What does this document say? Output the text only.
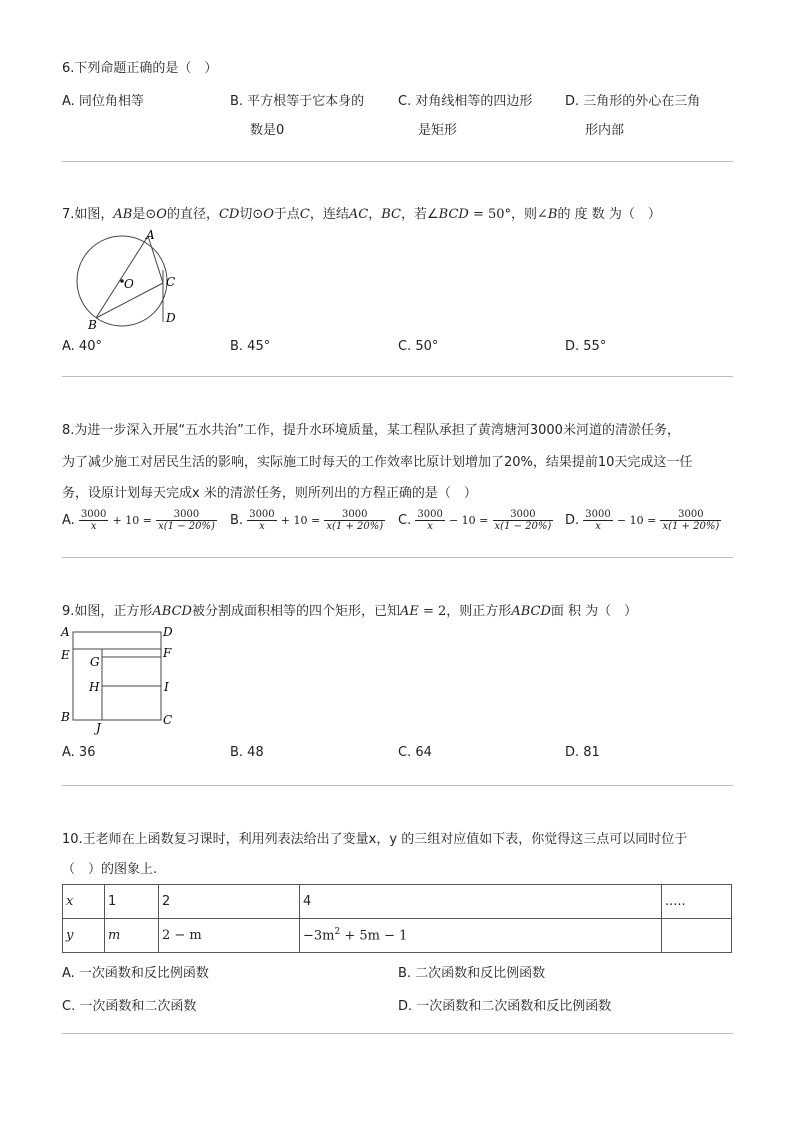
6.下列命题正确的是（　）
A. 同位角相等	B. 平方根等于它本身的
数是0
C. 对角线相等的四边形
是矩形
D. 三角形的外心在三角
形内部
7.如图，AB是⊙O的直径，CD切⊙O于点C，连结AC，BC，若∠BCD = 50°，则∠B的 度 数 为（　）
A
O	C
D
B
A. 40°	B. 45°	C. 50°	D. 55°
8.为进一步深入开展“五水共治”工作，提升水环境质量，某工程队承担了黄湾塘河3000米河道的清淤任务，
为了减少施工对居民生活的影响，实际施工时每天的工作效率比原计划增加了20%，结果提前10天完成这一任
务，设原计划每天完成x 米的清淤任务，则所列出的方程正确的是（　）
A. $\frac{3000}{x} + 10 = \frac{3000}{x(1 - 20\%)} B$. $\frac{3000}{x} + 10 = \frac{3000}{x(1 + 20\%)} C$. $\frac{3000}{x} - 10 = \frac{3000}{x(1 - 20\%)} D$. $\frac{3000}{x} - 10 = \frac{3000}{x(1 + 20\%)}$
9.如图，正方形ABCD被分割成面积相等的四个矩形，已知AE = 2，则正方形ABCD面 积 为（　）
A	D
E	F
G
H	I
B
J
C
A. 36	B. 48	C. 64	D. 81
10.王老师在上函数复习课时，利用列表法给出了变量x，y 的三组对应值如下表，你觉得这三点可以同时位于
（　）的图象上.
x	1	2	4	.....
y	m	2 − m	$-3m^2 + 5m - 1$	
A. 一次函数和反比例函数	B. 二次函数和反比例函数
C. 一次函数和二次函数	D. 一次函数和二次函数和反比例函数
